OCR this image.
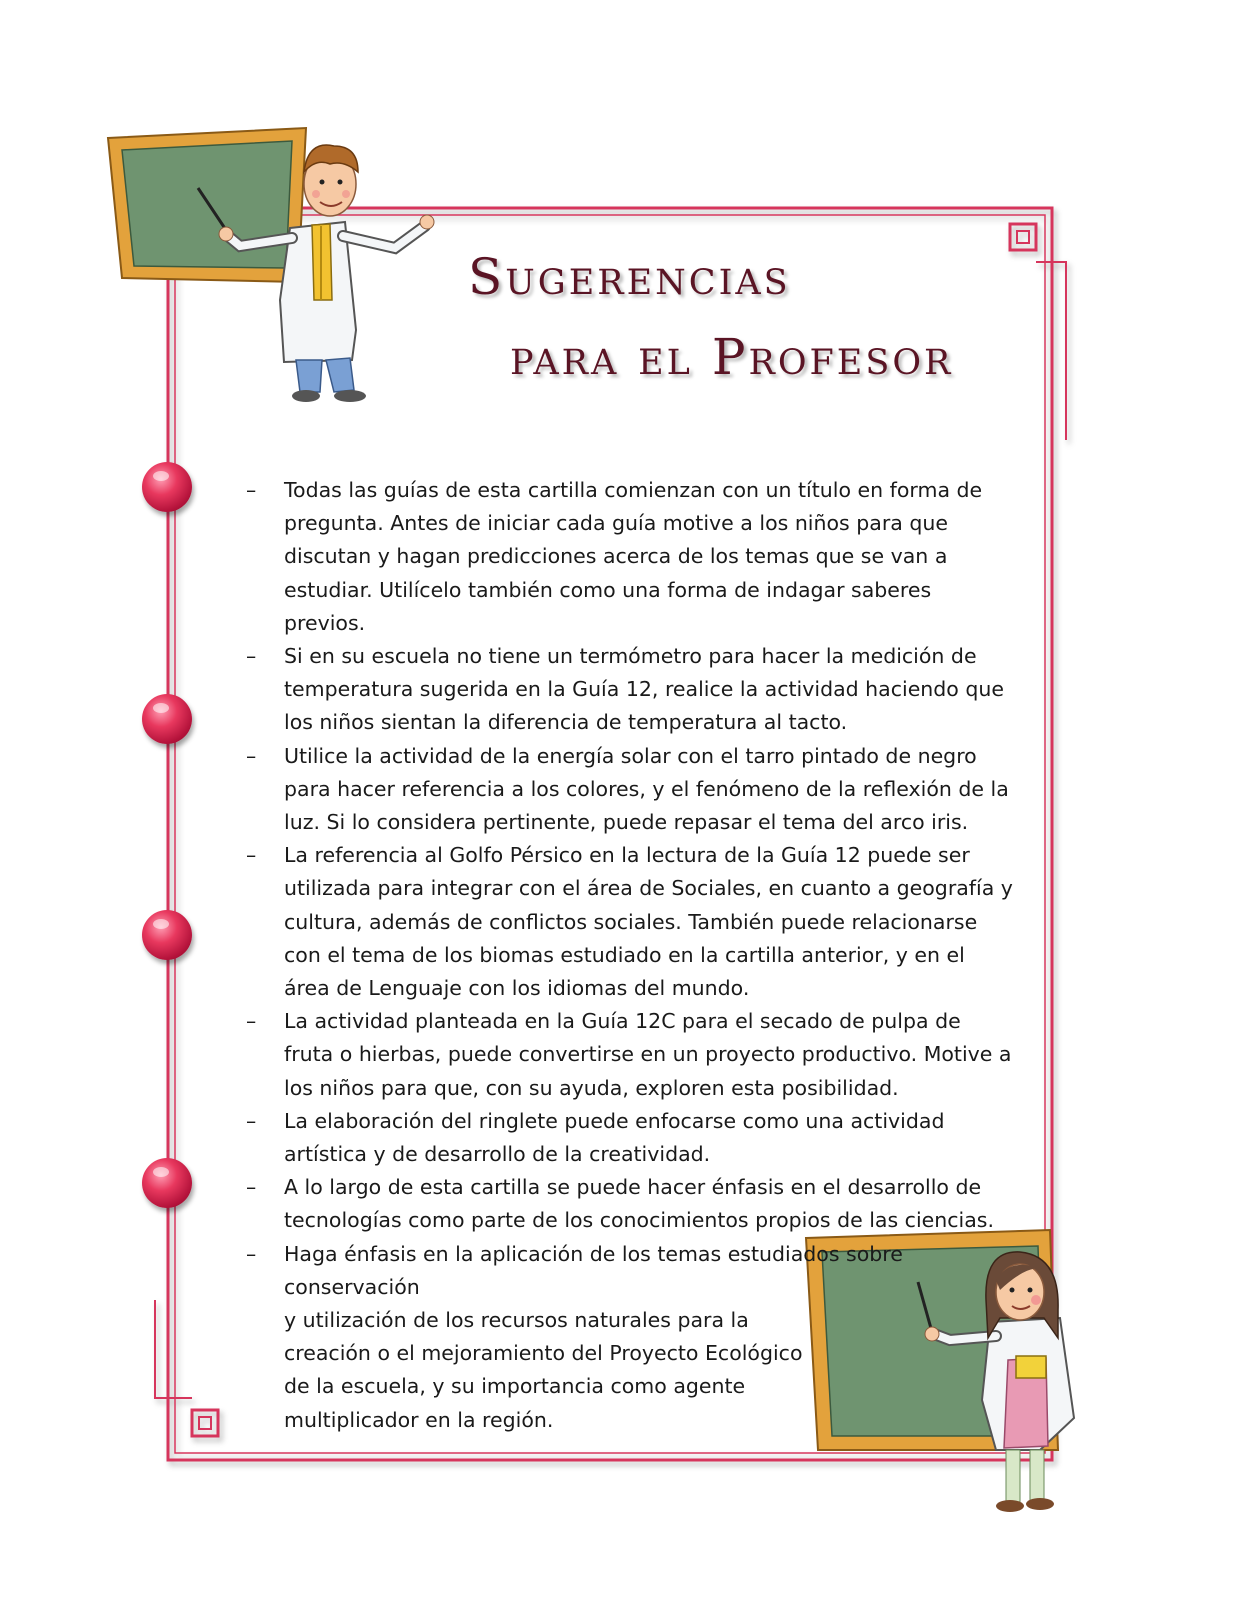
Sugerencias
para el Profesor

– Todas las guías de esta cartilla comienzan con un título en forma de pregunta. Antes de iniciar cada guía motive a los niños para que discutan y hagan predicciones acerca de los temas que se van a estudiar. Utilícelo también como una forma de indagar saberes previos.

– Si en su escuela no tiene un termómetro para hacer la medición de temperatura sugerida en la Guía 12, realice la actividad haciendo que los niños sientan la diferencia de temperatura al tacto.

– Utilice la actividad de la energía solar con el tarro pintado de negro para hacer referencia a los colores, y el fenómeno de la reflexión de la luz. Si lo considera pertinente, puede repasar el tema del arco iris.

– La referencia al Golfo Pérsico en la lectura de la Guía 12 puede ser utilizada para integrar con el área de Sociales, en cuanto a geografía y cultura, además de conflictos sociales. También puede relacionarse con el tema de los biomas estudiado en la cartilla anterior, y en el área de Lenguaje con los idiomas del mundo.

– La actividad planteada en la Guía 12C para el secado de pulpa de fruta o hierbas, puede convertirse en un proyecto productivo. Motive a los niños para que, con su ayuda, exploren esta posibilidad.

– La elaboración del ringlete puede enfocarse como una actividad artística y de desarrollo de la creatividad.

– A lo largo de esta cartilla se puede hacer énfasis en el desarrollo de tecnologías como parte de los conocimientos propios de las ciencias.

– Haga énfasis en la aplicación de los temas estudiados sobre conservación
y utilización de los recursos naturales para la
creación o el mejoramiento del Proyecto Ecológico
de la escuela, y su importancia como agente
multiplicador en la región.
